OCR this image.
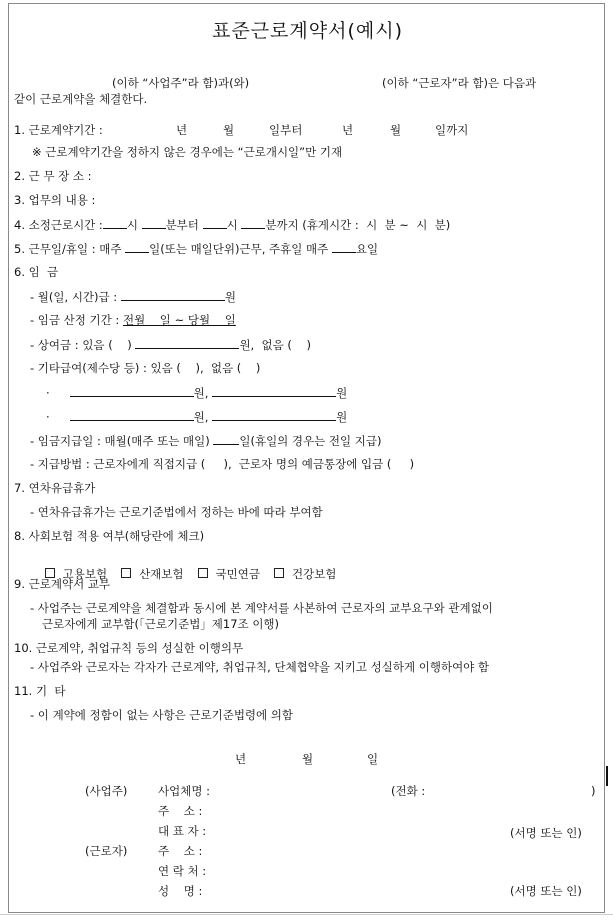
표준근로계약서(예시)
(이하 “사업주”라 함)과(와)	(이하 “근로자”라 함)은 다음과
같이 근로계약을 체결한다.
1. 근로계약기간 :	년	월	일부터	년	월	일까지
※ 근로계약기간을 정하지 않은 경우에는 “근로개시일”만 기재
2. 근 무 장 소 :
3. 업무의 내용 :
4. 소정근로시간 : 시 분부터 시 분까지 (휴게시간 :  시  분 ~  시  분)
5. 근무일/휴일 : 매주 일(또는 매일단위)근무, 주휴일 매주 요일
6. 임  금
- 월(일, 시간)급 :	원
- 임금 산정 기간 : 전월    일 ~ 당월    일
- 상여금 : 있음 (    )	원,  없음 (    )
- 기타급여(제수당 등) : 있음 (    ),  없음 (    )
·	원,	원
·	원,	원
- 임금지급일 : 매월(매주 또는 매일)	일(휴일의 경우는 전일 지급)
- 지급방법 : 근로자에게 직접지급 (     ),  근로자 명의 예금통장에 입금 (     )
7. 연차유급휴가
- 연차유급휴가는 근로기준법에서 정하는 바에 따라 부여함
8. 사회보험 적용 여부(해당란에 체크)

고용보험	산재보험	국민연금	건강보험

9. 근로계약서 교부
- 사업주는 근로계약을 체결함과 동시에 본 계약서를 사본하여 근로자의 교부요구와 관계없이
근로자에게 교부함(「근로기준법」제17조 이행)
10. 근로계약, 취업규칙 등의 성실한 이행의무
- 사업주와 근로자는 각자가 근로계약, 취업규칙, 단체협약을 지키고 성실하게 이행하여야 함
11. 기  타
- 이 계약에 정함이 없는 사항은 근로기준법령에 의함
년	월	일
(사업주)	사업체명 :	(전화 :	)
주    소 :
대 표 자 :	(서명 또는 인)
(근로자)	주    소 :
연 락 처 :
성    명 :	(서명 또는 인)
